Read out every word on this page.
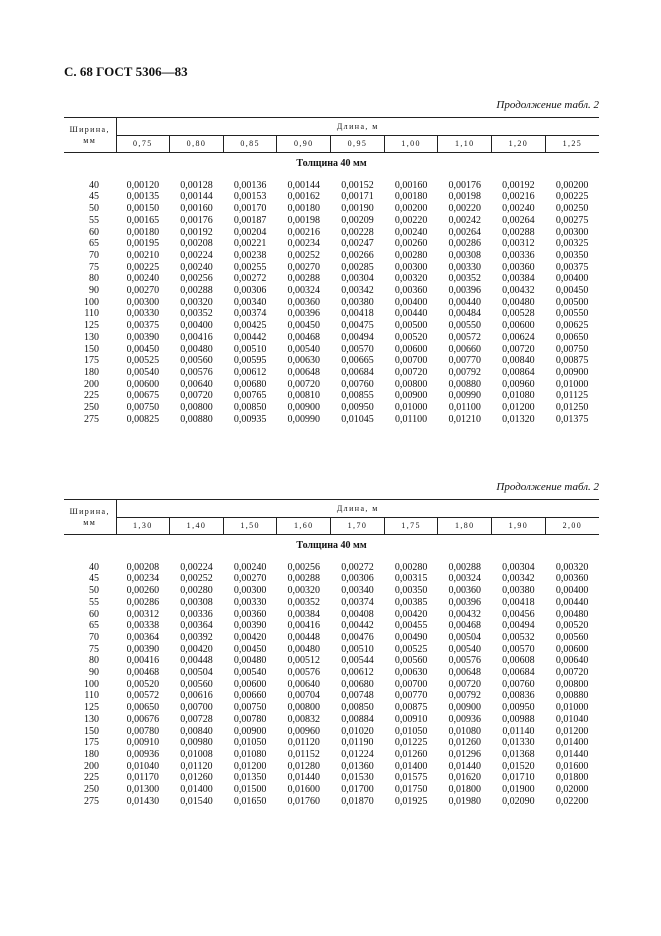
С. 68 ГОСТ 5306—83
Продолжение табл. 2
Ширина,
мм	Длина, м								
	0,75	0,80	0,85	0,90	0,95	1,00	1,10	1,20	1,25
Толщина 40 мм									
40	0,00120	0,00128	0,00136	0,00144	0,00152	0,00160	0,00176	0,00192	0,00200
45	0,00135	0,00144	0,00153	0,00162	0,00171	0,00180	0,00198	0,00216	0,00225
50	0,00150	0,00160	0,00170	0,00180	0,00190	0,00200	0,00220	0,00240	0,00250
55	0,00165	0,00176	0,00187	0,00198	0,00209	0,00220	0,00242	0,00264	0,00275
60	0,00180	0,00192	0,00204	0,00216	0,00228	0,00240	0,00264	0,00288	0,00300
65	0,00195	0,00208	0,00221	0,00234	0,00247	0,00260	0,00286	0,00312	0,00325
70	0,00210	0,00224	0,00238	0,00252	0,00266	0,00280	0,00308	0,00336	0,00350
75	0,00225	0,00240	0,00255	0,00270	0,00285	0,00300	0,00330	0,00360	0,00375
80	0,00240	0,00256	0,00272	0,00288	0,00304	0,00320	0,00352	0,00384	0,00400
90	0,00270	0,00288	0,00306	0,00324	0,00342	0,00360	0,00396	0,00432	0,00450
100	0,00300	0,00320	0,00340	0,00360	0,00380	0,00400	0,00440	0,00480	0,00500
110	0,00330	0,00352	0,00374	0,00396	0,00418	0,00440	0,00484	0,00528	0,00550
125	0,00375	0,00400	0,00425	0,00450	0,00475	0,00500	0,00550	0,00600	0,00625
130	0,00390	0,00416	0,00442	0,00468	0,00494	0,00520	0,00572	0,00624	0,00650
150	0,00450	0,00480	0,00510	0,00540	0,00570	0,00600	0,00660	0,00720	0,00750
175	0,00525	0,00560	0,00595	0,00630	0,00665	0,00700	0,00770	0,00840	0,00875
180	0,00540	0,00576	0,00612	0,00648	0,00684	0,00720	0,00792	0,00864	0,00900
200	0,00600	0,00640	0,00680	0,00720	0,00760	0,00800	0,00880	0,00960	0,01000
225	0,00675	0,00720	0,00765	0,00810	0,00855	0,00900	0,00990	0,01080	0,01125
250	0,00750	0,00800	0,00850	0,00900	0,00950	0,01000	0,01100	0,01200	0,01250
275	0,00825	0,00880	0,00935	0,00990	0,01045	0,01100	0,01210	0,01320	0,01375
Продолжение табл. 2
Ширина,
мм	Длина, м								
	1,30	1,40	1,50	1,60	1,70	1,75	1,80	1,90	2,00
Толщина 40 мм									
40	0,00208	0,00224	0,00240	0,00256	0,00272	0,00280	0,00288	0,00304	0,00320
45	0,00234	0,00252	0,00270	0,00288	0,00306	0,00315	0,00324	0,00342	0,00360
50	0,00260	0,00280	0,00300	0,00320	0,00340	0,00350	0,00360	0,00380	0,00400
55	0,00286	0,00308	0,00330	0,00352	0,00374	0,00385	0,00396	0,00418	0,00440
60	0,00312	0,00336	0,00360	0,00384	0,00408	0,00420	0,00432	0,00456	0,00480
65	0,00338	0,00364	0,00390	0,00416	0,00442	0,00455	0,00468	0,00494	0,00520
70	0,00364	0,00392	0,00420	0,00448	0,00476	0,00490	0,00504	0,00532	0,00560
75	0,00390	0,00420	0,00450	0,00480	0,00510	0,00525	0,00540	0,00570	0,00600
80	0,00416	0,00448	0,00480	0,00512	0,00544	0,00560	0,00576	0,00608	0,00640
90	0,00468	0,00504	0,00540	0,00576	0,00612	0,00630	0,00648	0,00684	0,00720
100	0,00520	0,00560	0,00600	0,00640	0,00680	0,00700	0,00720	0,00760	0,00800
110	0,00572	0,00616	0,00660	0,00704	0,00748	0,00770	0,00792	0,00836	0,00880
125	0,00650	0,00700	0,00750	0,00800	0,00850	0,00875	0,00900	0,00950	0,01000
130	0,00676	0,00728	0,00780	0,00832	0,00884	0,00910	0,00936	0,00988	0,01040
150	0,00780	0,00840	0,00900	0,00960	0,01020	0,01050	0,01080	0,01140	0,01200
175	0,00910	0,00980	0,01050	0,01120	0,01190	0,01225	0,01260	0,01330	0,01400
180	0,00936	0,01008	0,01080	0,01152	0,01224	0,01260	0,01296	0,01368	0,01440
200	0,01040	0,01120	0,01200	0,01280	0,01360	0,01400	0,01440	0,01520	0,01600
225	0,01170	0,01260	0,01350	0,01440	0,01530	0,01575	0,01620	0,01710	0,01800
250	0,01300	0,01400	0,01500	0,01600	0,01700	0,01750	0,01800	0,01900	0,02000
275	0,01430	0,01540	0,01650	0,01760	0,01870	0,01925	0,01980	0,02090	0,02200
